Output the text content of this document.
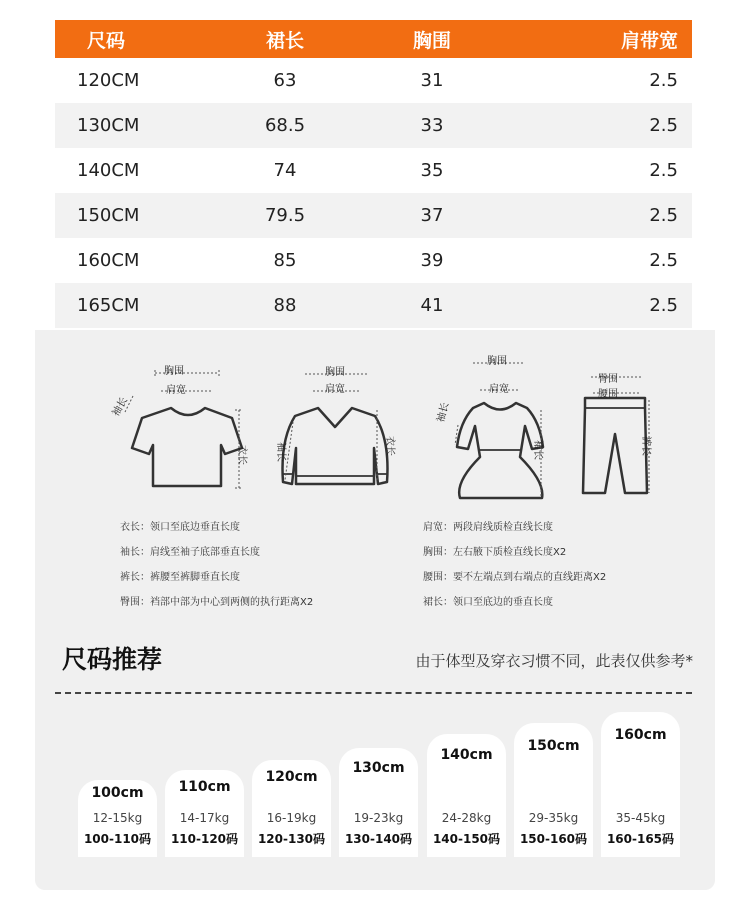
尺码	裙长	胸围	肩带宽
120CM	63	31	2.5
130CM	68.5	33	2.5
140CM	74	35	2.5
150CM	79.5	37	2.5
160CM	85	39	2.5
165CM	88	41	2.5
胸围
肩宽
袖长
衣长
胸围
肩宽
袖长	衣长
胸围
肩宽
袖长
裙长
臀围
腰围
裤长
衣长：领口至底边垂直长度
袖长：肩线至袖子底部垂直长度
裤长：裤腰至裤脚垂直长度
臀围：裆部中部为中心到两侧的执行距离X2
肩宽：两段肩线质检直线长度
胸围：左右腋下质检直线长度X2
腰围：要不左端点到右端点的直线距离X2
裙长：领口至底边的垂直长度
尺码推荐	由于体型及穿衣习惯不同，此表仅供参考*
100cm
12-15kg
100-110码
110cm
14-17kg
110-120码
120cm
16-19kg
120-130码
130cm
19-23kg
130-140码
140cm
24-28kg
140-150码
150cm
29-35kg
150-160码
160cm
35-45kg
160-165码
